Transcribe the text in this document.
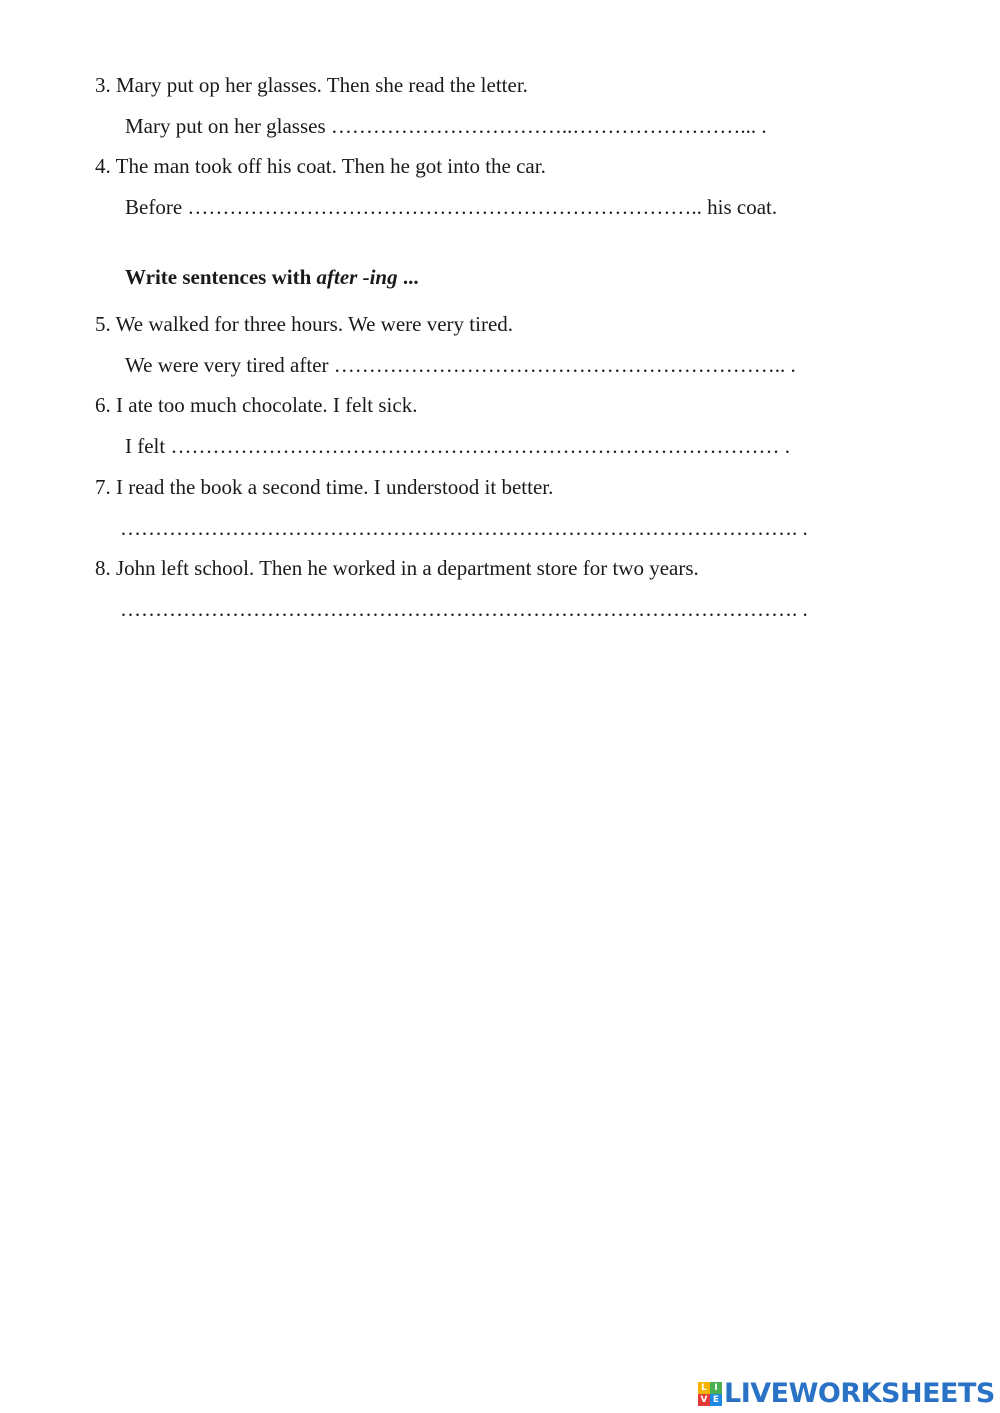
3. Mary put op her glasses. Then she read the letter.
Mary put on her glasses ……………………………..……………………... .
4. The man took off his coat. Then he got into the car.
Before ……………………………………………………………….. his coat.
Write sentences with after -ing ...
5. We walked for three hours. We were very tired.
We were very tired after ……………………………………………………….. .
6. I ate too much chocolate. I felt sick.
I felt …………………………………………………………………………… .
7. I read the book a second time. I understood it better.
……………………………………………………………………………………. .
8. John left school. Then he worked in a department store for two years.
……………………………………………………………………………………. .
L I
V E LIVEWORKSHEETS
